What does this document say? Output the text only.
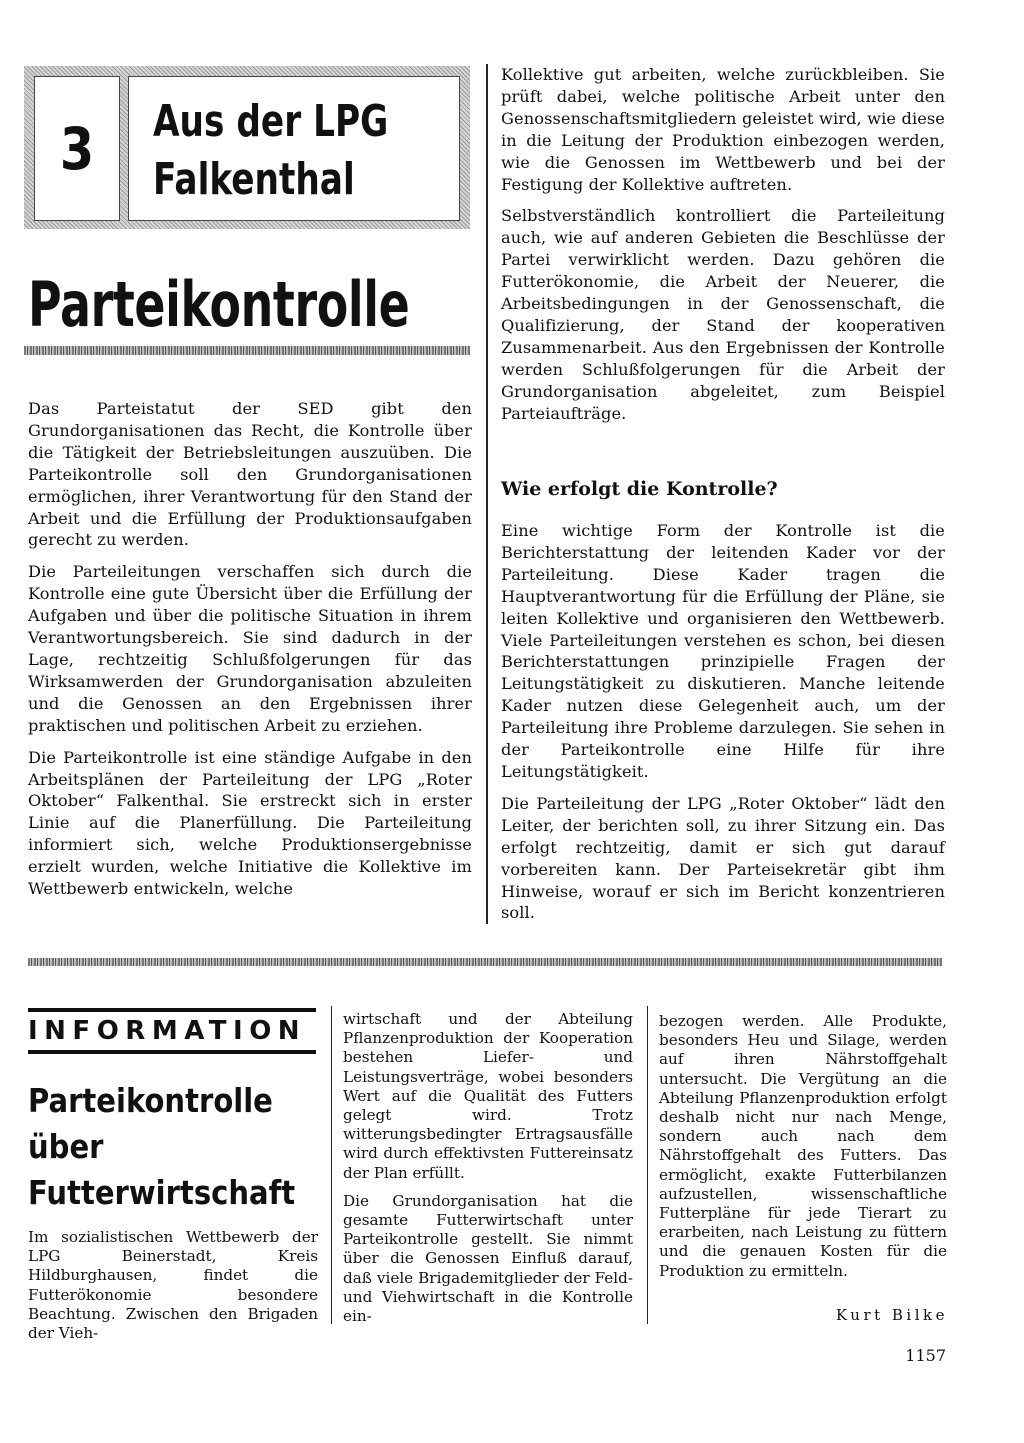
3	Aus der LPG
Falkenthal
Parteikontrolle

Das Parteistatut der SED gibt den Grundorganisationen das Recht, die Kontrolle über die Tätigkeit der Betriebsleitungen auszuüben. Die Parteikontrolle soll den Grundorganisationen ermöglichen, ihrer Verantwortung für den Stand der Arbeit und die Erfüllung der Produktionsaufgaben gerecht zu werden.

Die Parteileitungen verschaffen sich durch die Kontrolle eine gute Übersicht über die Erfüllung der Aufgaben und über die politische Situation in ihrem Verantwortungsbereich. Sie sind dadurch in der Lage, rechtzeitig Schlußfolgerungen für das Wirksamwerden der Grundorganisation abzuleiten und die Genossen an den Ergebnissen ihrer praktischen und politischen Arbeit zu erziehen.

Die Parteikontrolle ist eine ständige Aufgabe in den Arbeitsplänen der Parteileitung der LPG „Roter Oktober“ Falkenthal. Sie erstreckt sich in erster Linie auf die Planerfüllung. Die Parteileitung informiert sich, welche Produktionsergebnisse erzielt wurden, welche Initiative die Kollektive im Wettbewerb entwickeln, welche

Kollektive gut arbeiten, welche zurückbleiben. Sie prüft dabei, welche politische Arbeit unter den Genossenschaftsmitgliedern geleistet wird, wie diese in die Leitung der Produktion einbezogen werden, wie die Genossen im Wettbewerb und bei der Festigung der Kollektive auftreten.

Selbstverständlich kontrolliert die Parteileitung auch, wie auf anderen Gebieten die Beschlüsse der Partei verwirklicht werden. Dazu gehören die Futterökonomie, die Arbeit der Neuerer, die Arbeitsbedingungen in der Genossenschaft, die Qualifizierung, der Stand der kooperativen Zusammenarbeit. Aus den Ergebnissen der Kontrolle werden Schlußfolgerungen für die Arbeit der Grundorganisation abgeleitet, zum Beispiel Parteiaufträge.

Wie erfolgt die Kontrolle?

Eine wichtige Form der Kontrolle ist die Berichterstattung der leitenden Kader vor der Parteileitung. Diese Kader tragen die Hauptverantwortung für die Erfüllung der Pläne, sie leiten Kollektive und organisieren den Wettbewerb. Viele Parteileitungen verstehen es schon, bei diesen Berichterstattungen prinzipielle Fragen der Leitungstätigkeit zu diskutieren. Manche leitende Kader nutzen diese Gelegenheit auch, um der Parteileitung ihre Probleme darzulegen. Sie sehen in der Parteikontrolle eine Hilfe für ihre Leitungstätigkeit.

Die Parteileitung der LPG „Roter Oktober“ lädt den Leiter, der berichten soll, zu ihrer Sitzung ein. Das erfolgt rechtzeitig, damit er sich gut darauf vorbereiten kann. Der Parteisekretär gibt ihm Hinweise, worauf er sich im Bericht konzentrieren soll.

INFORMATION
Parteikontrolle
über
Futterwirtschaft

Im sozialistischen Wettbewerb der LPG Beinerstadt, Kreis Hildburghausen, findet die Futterökonomie besondere Beachtung. Zwischen den Brigaden der Vieh-

wirtschaft und der Abteilung Pflanzenproduktion der Kooperation bestehen Liefer- und Leistungsverträge, wobei besonders Wert auf die Qualität des Futters gelegt wird. Trotz witterungsbedingter Ertragsausfälle wird durch effektivsten Futtereinsatz der Plan erfüllt.

Die Grundorganisation hat die gesamte Futterwirtschaft unter Parteikontrolle gestellt. Sie nimmt über die Genossen Einfluß darauf, daß viele Brigademitglieder der Feld- und Viehwirtschaft in die Kontrolle ein-

bezogen werden. Alle Produkte, besonders Heu und Silage, werden auf ihren Nährstoffgehalt untersucht. Die Vergütung an die Abteilung Pflanzenproduktion erfolgt deshalb nicht nur nach Menge, sondern auch nach dem Nährstoffgehalt des Futters. Das ermöglicht, exakte Futterbilanzen aufzustellen, wissenschaftliche Futterpläne für jede Tierart zu erarbeiten, nach Leistung zu füttern und die genauen Kosten für die Produktion zu ermitteln.

Kurt Bilke
1157
